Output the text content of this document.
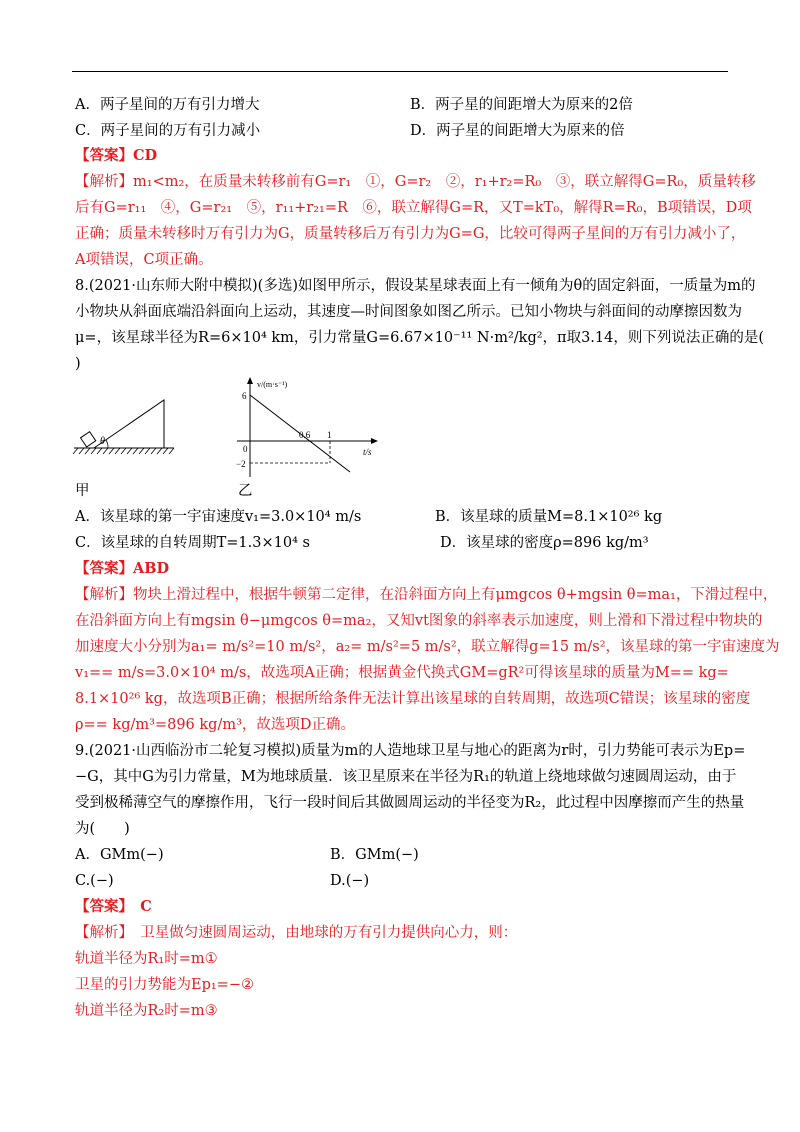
A．两子星间的万有引力增大	B．两子星的间距增大为原来的2倍
C．两子星间的万有引力减小	D．两子星的间距增大为原来的倍
【答案】CD
【解析】m₁<m₂，在质量未转移前有G=r₁　①，G=r₂　②，r₁+r₂=R₀　③，联立解得G=R₀，质量转移
后有G=r₁₁　④，G=r₂₁　⑤，r₁₁+r₂₁=R　⑥，联立解得G=R，又T=kT₀，解得R=R₀，B项错误，D项
正确；质量未转移时万有引力为G，质量转移后万有引力为G=G，比较可得两子星间的万有引力减小了，
A项错误，C项正确。
8.(2021·山东师大附中模拟)(多选)如图甲所示，假设某星球表面上有一倾角为θ的固定斜面，一质量为m的
小物块从斜面底端沿斜面向上运动，其速度—时间图象如图乙所示。已知小物块与斜面间的动摩擦因数为
μ=，该星球半径为R=6×10⁴ km，引力常量G=6.67×10⁻¹¹ N·m²/kg²，π取3.14，则下列说法正确的是(
)
θ
v/(m·s⁻¹)
6
0
−2
0.6 1
t/s
甲	乙
A．该星球的第一宇宙速度v₁=3.0×10⁴ m/s	B．该星球的质量M=8.1×10²⁶ kg
C．该星球的自转周期T=1.3×10⁴ s	D．该星球的密度ρ=896 kg/m³
【答案】ABD
【解析】物块上滑过程中，根据牛顿第二定律，在沿斜面方向上有μmgcos θ+mgsin θ=ma₁，下滑过程中，
在沿斜面方向上有mgsin θ−μmgcos θ=ma₂，又知vt图象的斜率表示加速度，则上滑和下滑过程中物块的
加速度大小分别为a₁= m/s²=10 m/s²，a₂= m/s²=5 m/s²，联立解得g=15 m/s²，该星球的第一宇宙速度为
v₁== m/s=3.0×10⁴ m/s，故选项A正确；根据黄金代换式GM=gR²可得该星球的质量为M== kg=
8.1×10²⁶ kg，故选项B正确；根据所给条件无法计算出该星球的自转周期，故选项C错误；该星球的密度
ρ== kg/m³=896 kg/m³，故选项D正确。
9.(2021·山西临汾市二轮复习模拟)质量为m的人造地球卫星与地心的距离为r时，引力势能可表示为Ep=
−G，其中G为引力常量，M为地球质量．该卫星原来在半径为R₁的轨道上绕地球做匀速圆周运动，由于
受到极稀薄空气的摩擦作用，飞行一段时间后其做圆周运动的半径变为R₂，此过程中因摩擦而产生的热量
为(　　)
A．GMm(−)	B．GMm(−)
C.(−)	D.(−)
【答案】　C
【解析】　卫星做匀速圆周运动，由地球的万有引力提供向心力，则：
轨道半径为R₁时=m①
卫星的引力势能为Ep₁=−②
轨道半径为R₂时=m③
